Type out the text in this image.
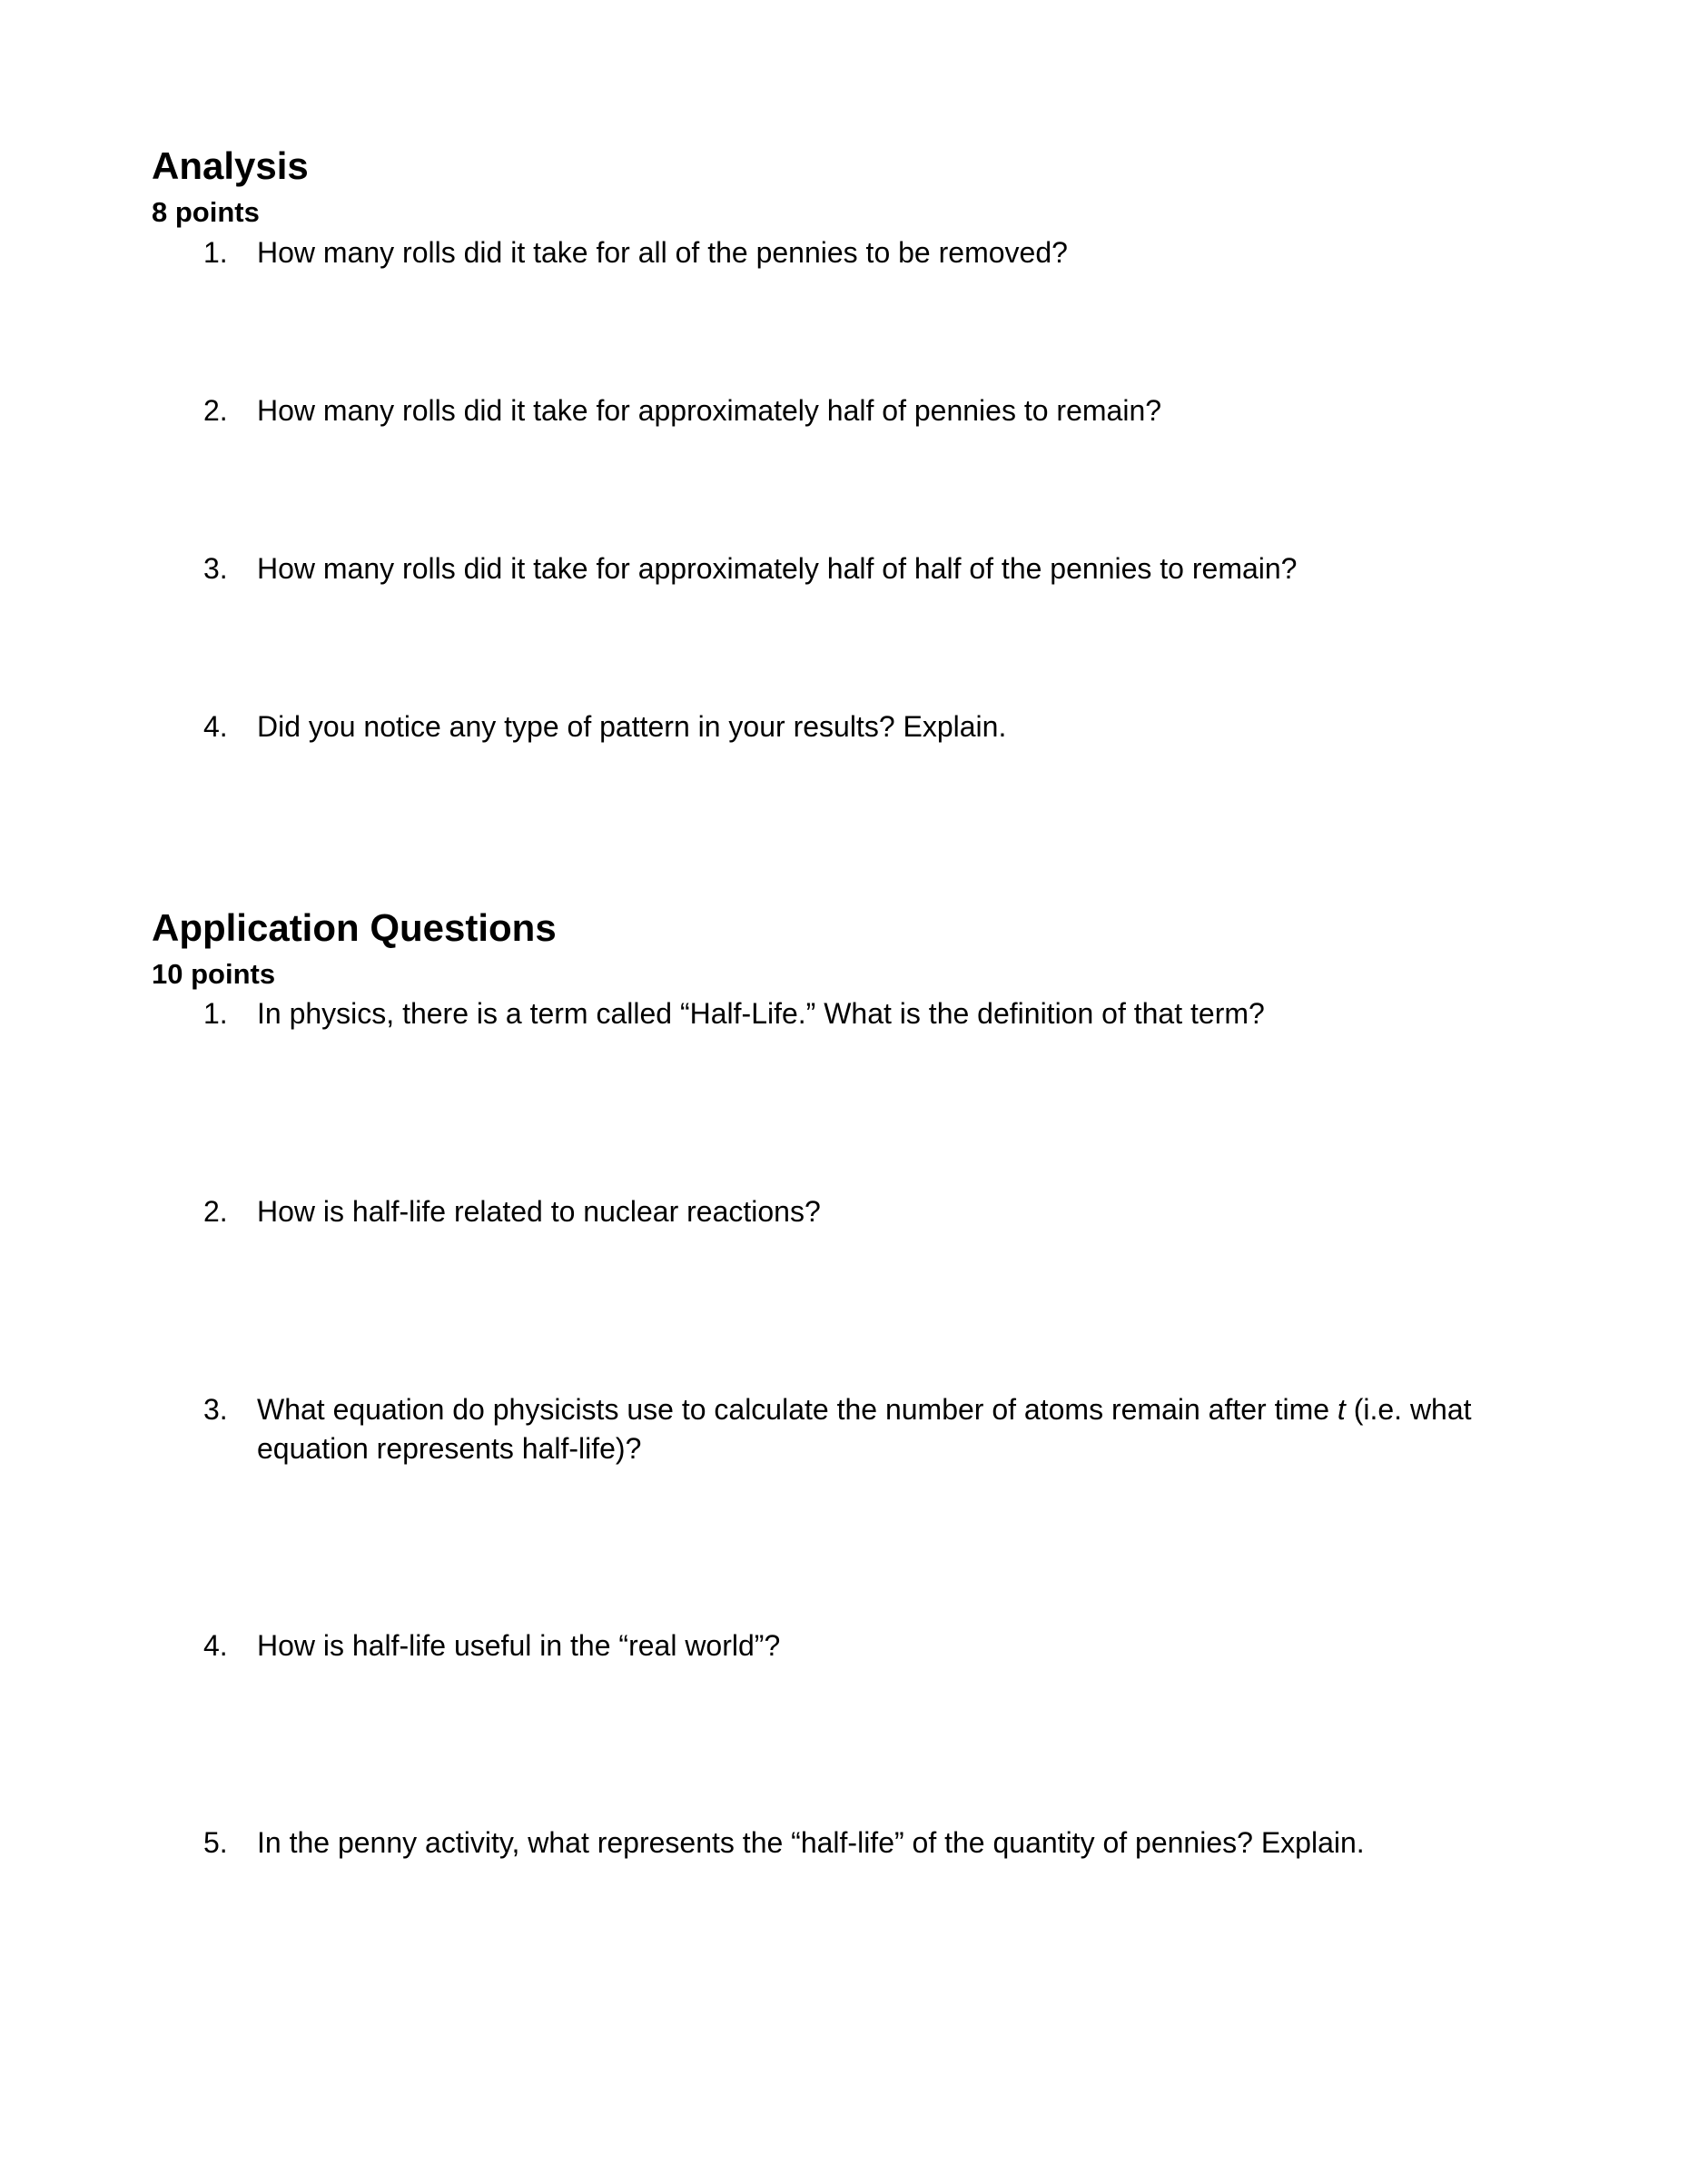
Analysis
8 points
1. How many rolls did it take for all of the pennies to be removed?
2. How many rolls did it take for approximately half of pennies to remain?
3. How many rolls did it take for approximately half of half of the pennies to remain?
4. Did you notice any type of pattern in your results? Explain.
Application Questions
10 points
1. In physics, there is a term called “Half-Life.” What is the definition of that term?
2. How is half-life related to nuclear reactions?
3. What equation do physicists use to calculate the number of atoms remain after time t (i.e. what equation represents half-life)?
4. How is half-life useful in the “real world”?
5. In the penny activity, what represents the “half-life” of the quantity of pennies? Explain.
